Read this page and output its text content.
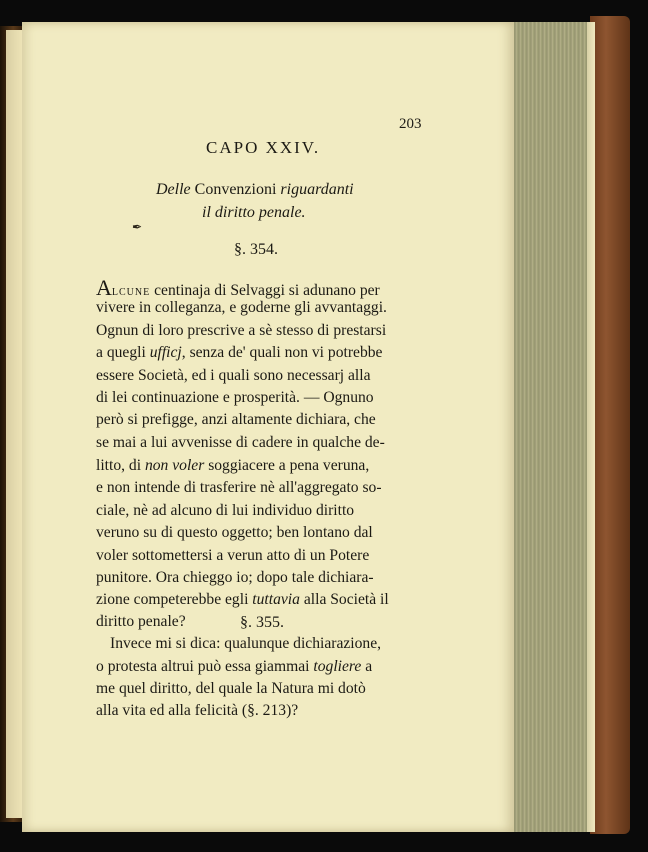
203
CAPO XXIV.
Delle Convenzioni riguardanti
il diritto penale.
✒
§. 354.
ALCUNE centinaja di Selvaggi si adunano per
vivere in colleganza, e goderne gli avvantaggi.
Ognun di loro prescrive a sè stesso di prestarsi
a quegli ufficj, senza de' quali non vi potrebbe
essere Società, ed i quali sono necessarj alla
di lei continuazione e prosperità. — Ognuno
però si prefigge, anzi altamente dichiara, che
se mai a lui avvenisse di cadere in qualche de-
litto, di non voler soggiacere a pena veruna,
e non intende di trasferire nè all'aggregato so-
ciale, nè ad alcuno di lui individuo diritto
veruno su di questo oggetto; ben lontano dal
voler sottomettersi a verun atto di un Potere
punitore. Ora chieggo io; dopo tale dichiara-
zione competerebbe egli tuttavia alla Società il
diritto penale?	§. 355.
Invece mi si dica: qualunque dichiarazione,
o protesta altrui può essa giammai togliere a
me quel diritto, del quale la Natura mi dotò
alla vita ed alla felicità (§. 213)?
